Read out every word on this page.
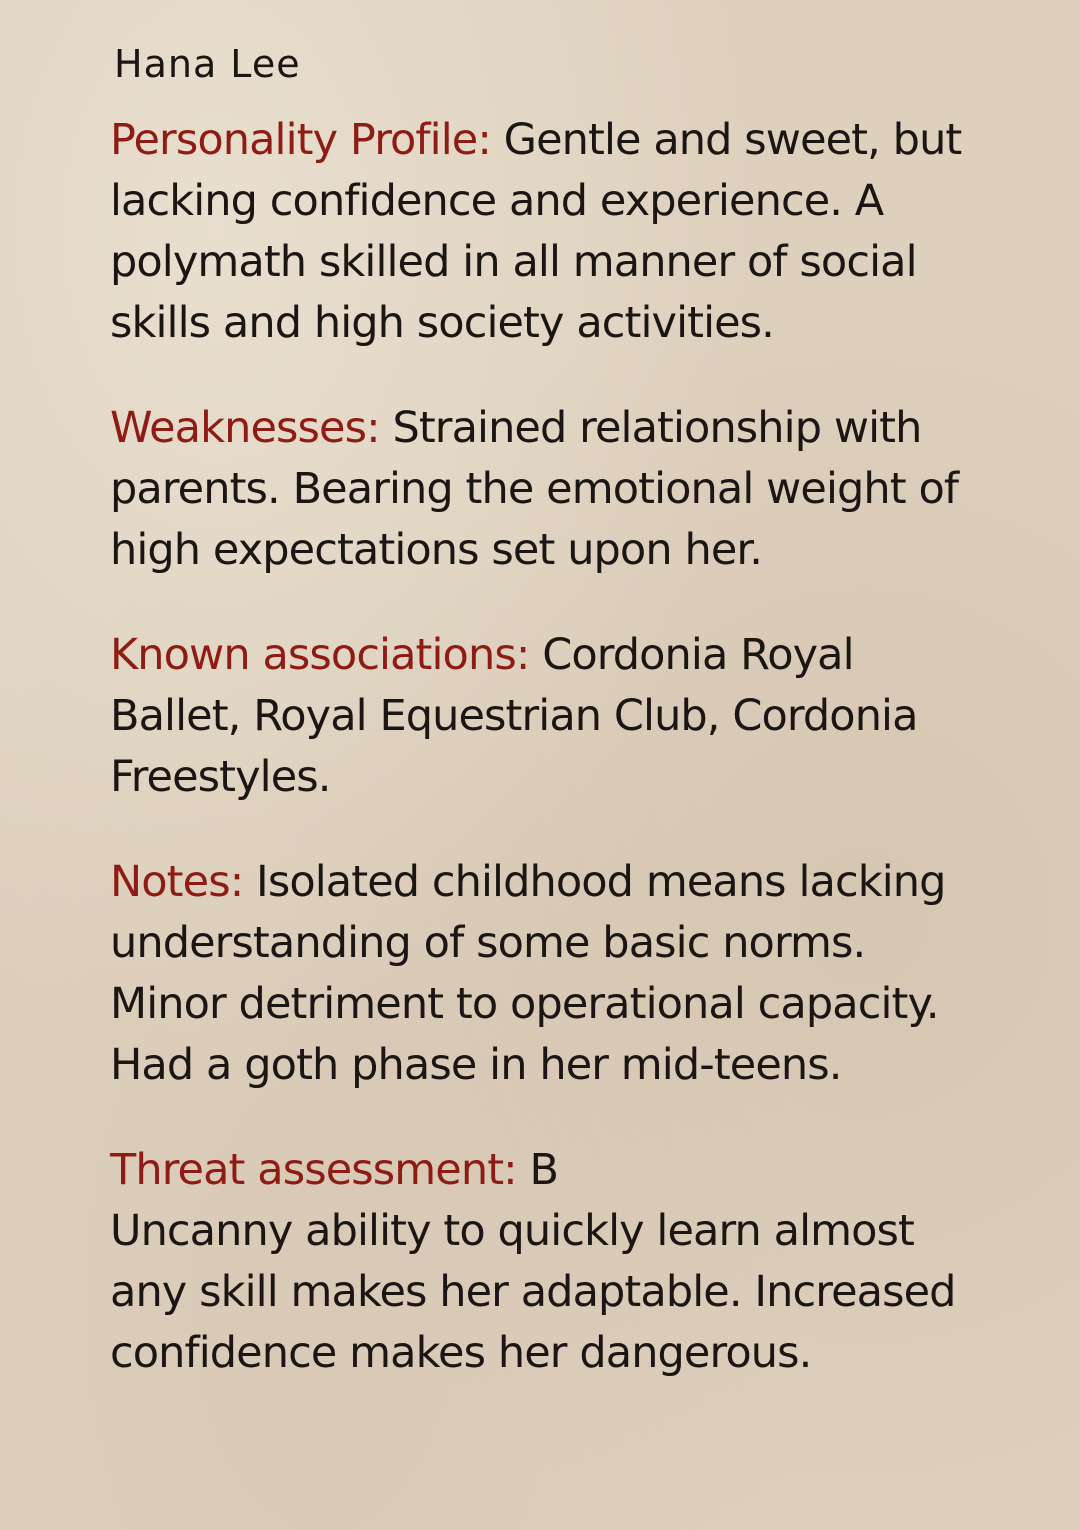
Hana Lee

Personality Profile: Gentle and sweet, but lacking confidence and experience. A polymath skilled in all manner of social skills and high society activities.

Weaknesses: Strained relationship with parents. Bearing the emotional weight of high expectations set upon her.

Known associations: Cordonia Royal Ballet, Royal Equestrian Club, Cordonia Freestyles.

Notes: Isolated childhood means lacking understanding of some basic norms. Minor detriment to operational capacity. Had a goth phase in her mid-teens.

Threat assessment: B
Uncanny ability to quickly learn almost any skill makes her adaptable. Increased confidence makes her dangerous.
